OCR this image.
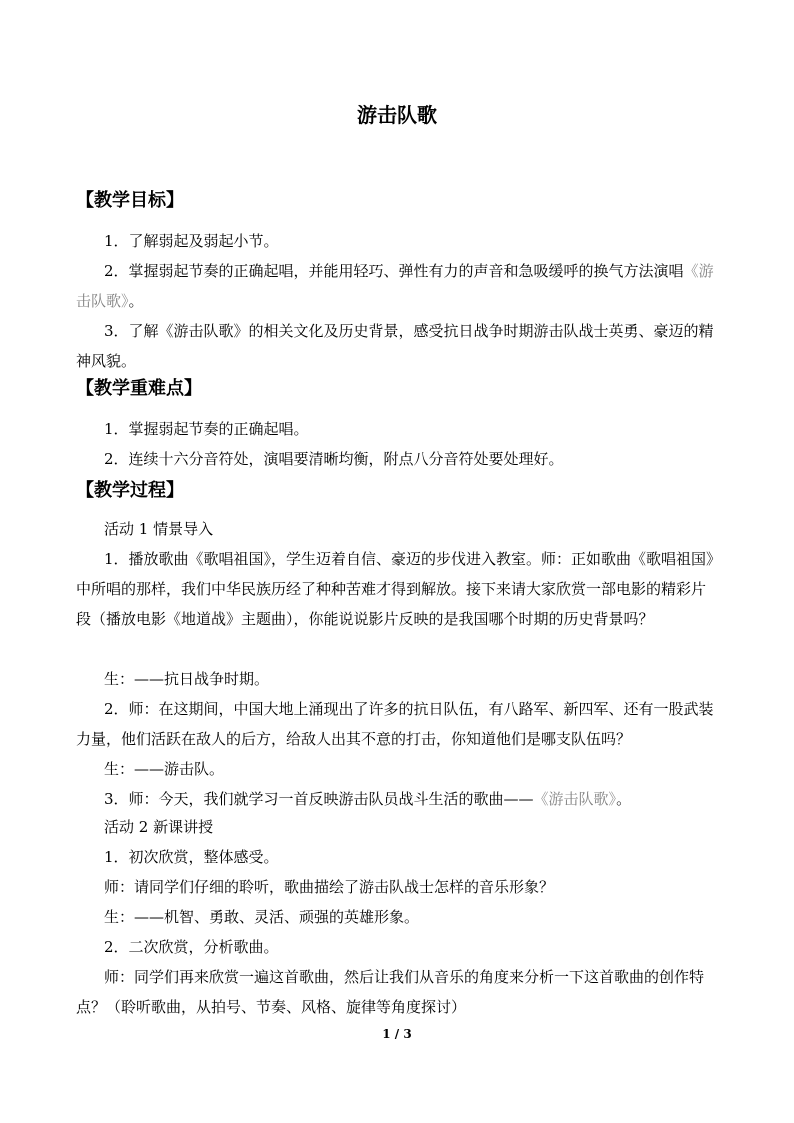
游击队歌
【教学目标】

1．了解弱起及弱起小节。

2．掌握弱起节奏的正确起唱，并能用轻巧、弹性有力的声音和急吸缓呼的换气方法演唱《游击队歌》。

3．了解《游击队歌》的相关文化及历史背景，感受抗日战争时期游击队战士英勇、豪迈的精神风貌。

【教学重难点】

1．掌握弱起节奏的正确起唱。

2．连续十六分音符处，演唱要清晰均衡，附点八分音符处要处理好。

【教学过程】

活动 1 情景导入

1．播放歌曲《歌唱祖国》，学生迈着自信、豪迈的步伐进入教室。师：正如歌曲《歌唱祖国》中所唱的那样，我们中华民族历经了种种苦难才得到解放。接下来请大家欣赏一部电影的精彩片段（播放电影《地道战》主题曲），你能说说影片反映的是我国哪个时期的历史背景吗？

生：——抗日战争时期。

2．师：在这期间，中国大地上涌现出了许多的抗日队伍，有八路军、新四军、还有一股武装力量，他们活跃在敌人的后方，给敌人出其不意的打击，你知道他们是哪支队伍吗？

生：——游击队。

3．师：今天，我们就学习一首反映游击队员战斗生活的歌曲——《游击队歌》。

活动 2 新课讲授

1．初次欣赏，整体感受。

师：请同学们仔细的聆听，歌曲描绘了游击队战士怎样的音乐形象？

生：——机智、勇敢、灵活、顽强的英雄形象。

2．二次欣赏，分析歌曲。

师：同学们再来欣赏一遍这首歌曲，然后让我们从音乐的角度来分析一下这首歌曲的创作特点？（聆听歌曲，从拍号、节奏、风格、旋律等角度探讨）

1 / 3
